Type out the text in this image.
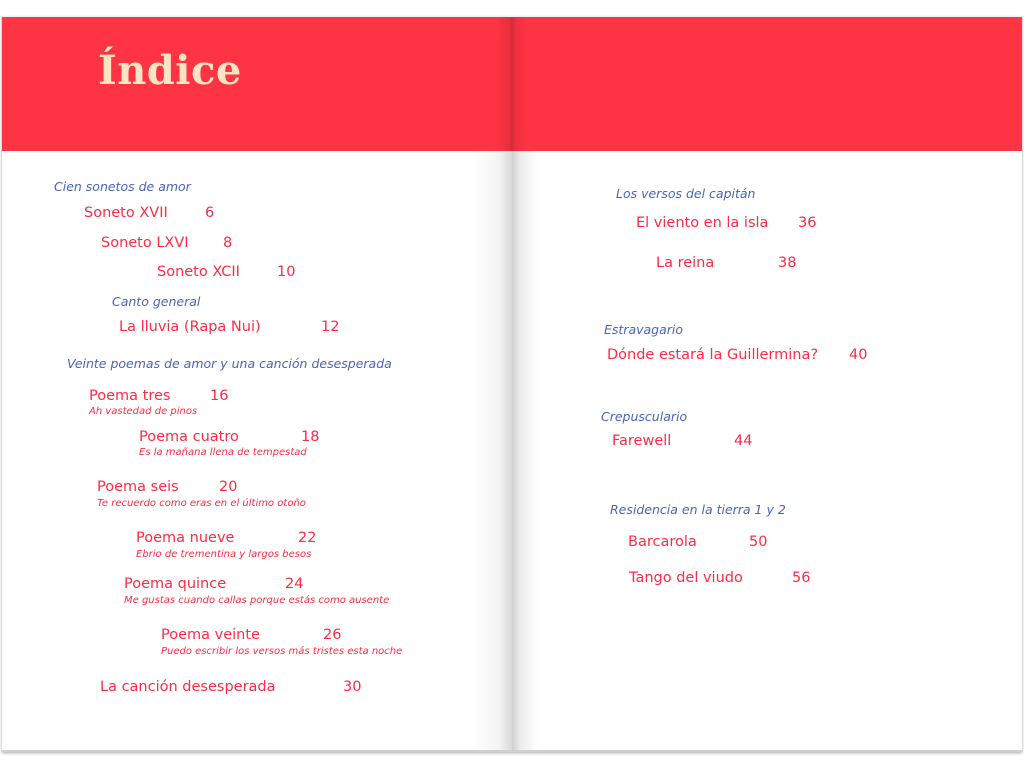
Índice
Cien sonetos de amor
Soneto XVII	6
Soneto LXVI 8
Soneto XCII	10
Canto general
La lluvia (Rapa Nui)	12
Veinte poemas de amor y una canción desesperada
Poema tres	16
Ah vastedad de pinos
Poema cuatro	18
Es la mañana llena de tempestad
Poema seis	20
Te recuerdo como eras en el último otoño
Poema nueve	22
Ebrio de trementina y largos besos
Poema quince	24
Me gustas cuando callas porque estás como ausente
Poema veinte	26
Puedo escribir los versos más tristes esta noche
La canción desesperada	30
Los versos del capitán
El viento en la isla 36
La reina	38
Estravagario
Dónde estará la Guillermina? 40
Crepusculario
Farewell	44
Residencia en la tierra 1 y 2
Barcarola	50
Tango del viudo	56
